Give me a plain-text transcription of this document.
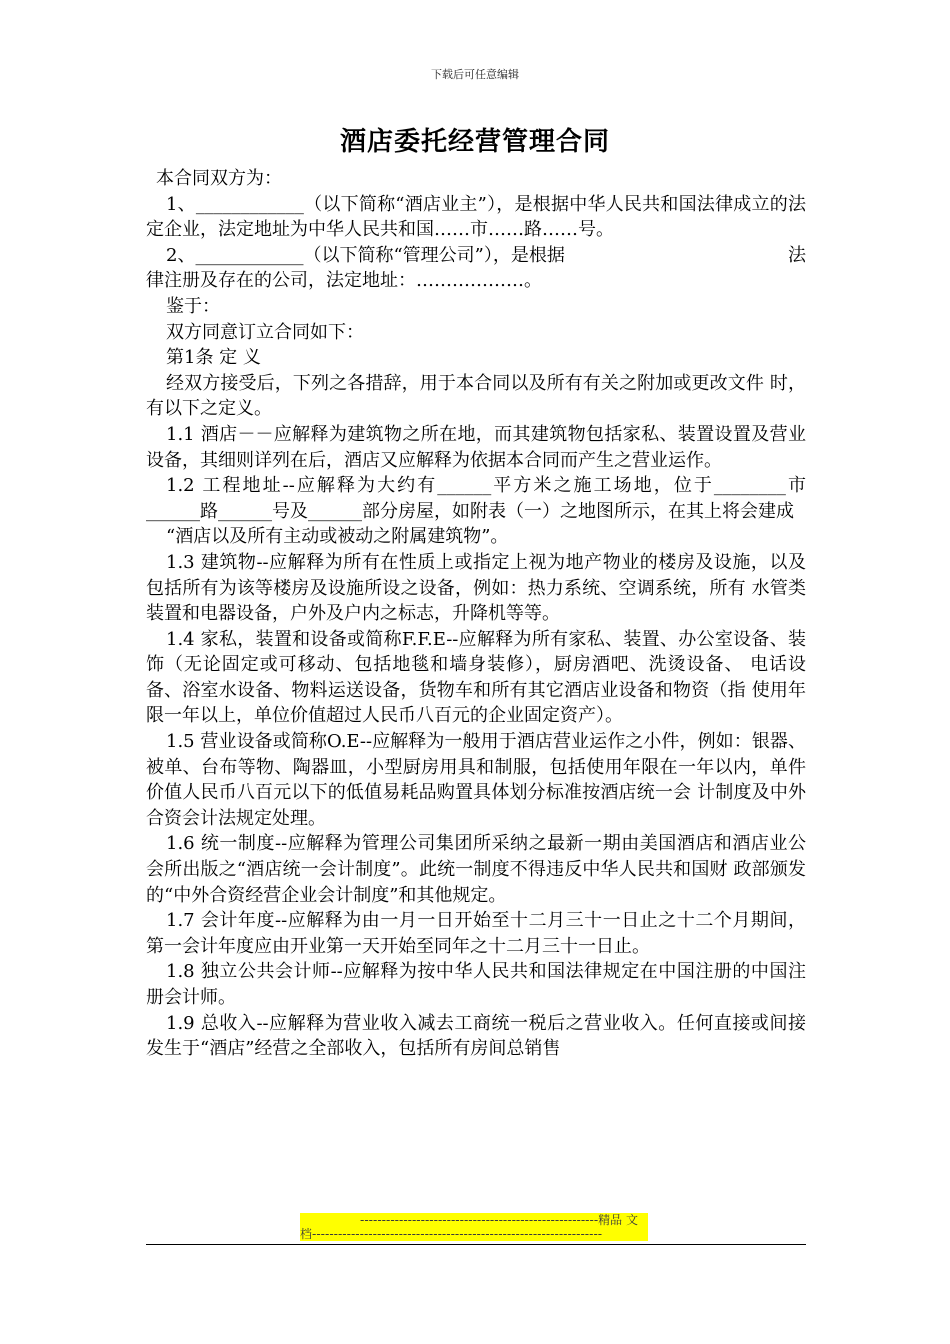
下载后可任意编辑
酒店委托经营管理合同

本合同双方为：

1、____________（以下简称“酒店业主”），是根据中华人民共和国法律成立的法定企业，法定地址为中华人民共和国……市……路……号。

2、____________（以下简称“管理公司”），是根据	法

律注册及存在的公司，法定地址：………………。

鉴于：

双方同意订立合同如下：

第1条 定 义

经双方接受后，下列之各措辞，用于本合同以及所有有关之附加或更改文件 时，有以下之定义。

1.1 酒店－－应解释为建筑物之所在地，而其建筑物包括家私、装置设置及营业设备，其细则详列在后，酒店又应解释为依据本合同而产生之营业运作。

1.2 工程地址--应解释为大约有______平方米之施工场地，位于________市______路______号及______部分房屋，如附表（一）之地图所示，在其上将会建成

“酒店以及所有主动或被动之附属建筑物”。

1.3 建筑物--应解释为所有在性质上或指定上视为地产物业的楼房及设施，以及包括所有为该等楼房及设施所设之设备，例如：热力系统、空调系统，所有 水管类装置和电器设备，户外及户内之标志，升降机等等。

1.4 家私，装置和设备或简称F.F.E--应解释为所有家私、装置、办公室设备、装饰（无论固定或可移动、包括地毯和墙身装修），厨房酒吧、洗烫设备、 电话设备、浴室水设备、物料运送设备，货物车和所有其它酒店业设备和物资（指 使用年限一年以上，单位价值超过人民币八百元的企业固定资产）。

1.5 营业设备或简称O.E--应解释为一般用于酒店营业运作之小件，例如：银器、被单、台布等物、陶器皿，小型厨房用具和制服，包括使用年限在一年以内，单件价值人民币八百元以下的低值易耗品购置具体划分标准按酒店统一会 计制度及中外合资会计法规定处理。

1.6 统一制度--应解释为管理公司集团所采纳之最新一期由美国酒店和酒店业公会所出版之“酒店统一会计制度”。此统一制度不得违反中华人民共和国财 政部颁发的“中外合资经营企业会计制度”和其他规定。

1.7 会计年度--应解释为由一月一日开始至十二月三十一日止之十二个月期间，第一会计年度应由开业第一天开始至同年之十二月三十一日止。

1.8 独立公共会计师--应解释为按中华人民共和国法律规定在中国注册的中国注册会计师。

1.9 总收入--应解释为营业收入减去工商统一税后之营业收入。任何直接或间接发生于“酒店”经营之全部收入，包括所有房间总销售

-------------------------------------------------------精品 文
档-------------------------------------------------------------------
